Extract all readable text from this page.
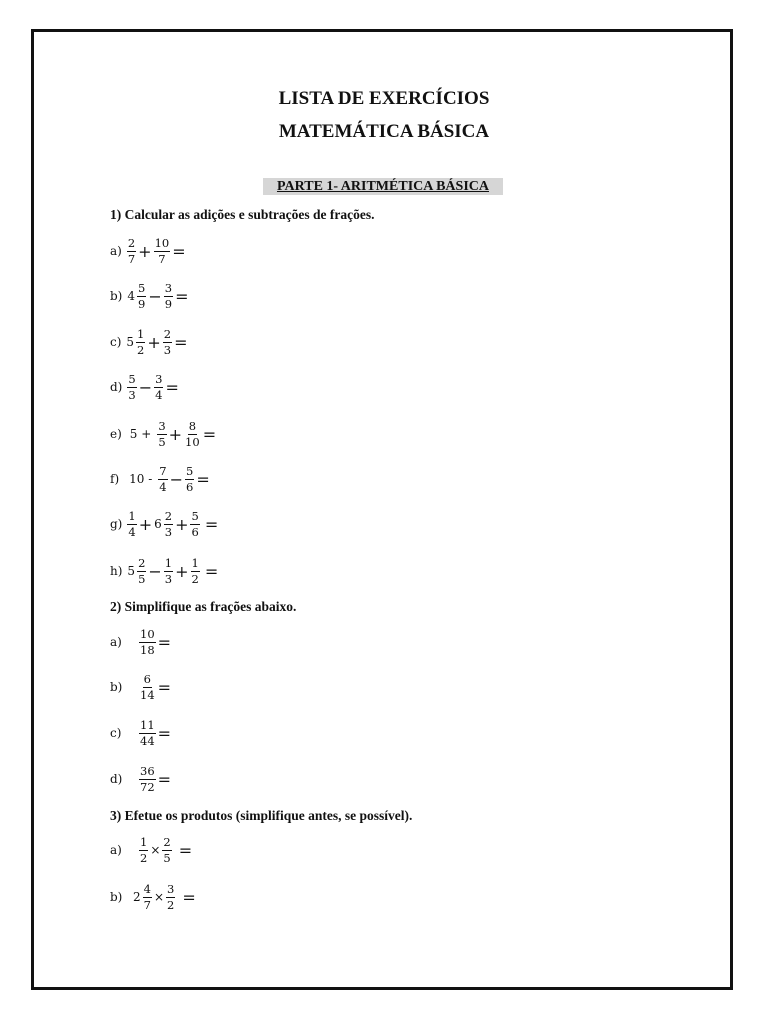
LISTA DE EXERCÍCIOS
MATEMÁTICA BÁSICA
PARTE 1- ARITMÉTICA BÁSICA
1) Calcular as adições e subtrações de frações.
$a) \frac{2}{7} + \frac{10}{7}$ =
b) $4 \frac{5}{9} - \frac{3}{9}$ =
c) $5 \frac{1}{2} + \frac{2}{3}$ =
$d) \frac{5}{3} - \frac{3}{4}$ =
e) $5 + \frac{3}{5} + \frac{8}{10}$ =
f) $10 - \frac{7}{4} - \frac{5}{6}$ =
$g) \frac{1}{4} + 6 \frac{2}{3} + \frac{5}{6}$ =
h) $5 \frac{2}{5} - \frac{1}{3} + \frac{1}{2}$ =
2) Simplifique as frações abaixo.
a)	$\frac{10}{18}$ =
b)	$\frac{6}{14}$ =
c)	$\frac{11}{44}$ =
d)	$\frac{36}{72}$ =
3) Efetue os produtos (simplifique antes, se possível).
a)	$\frac{1}{2} \times \frac{2}{5}$ =
b) $2 \frac{4}{7} \times \frac{3}{2}$ =
